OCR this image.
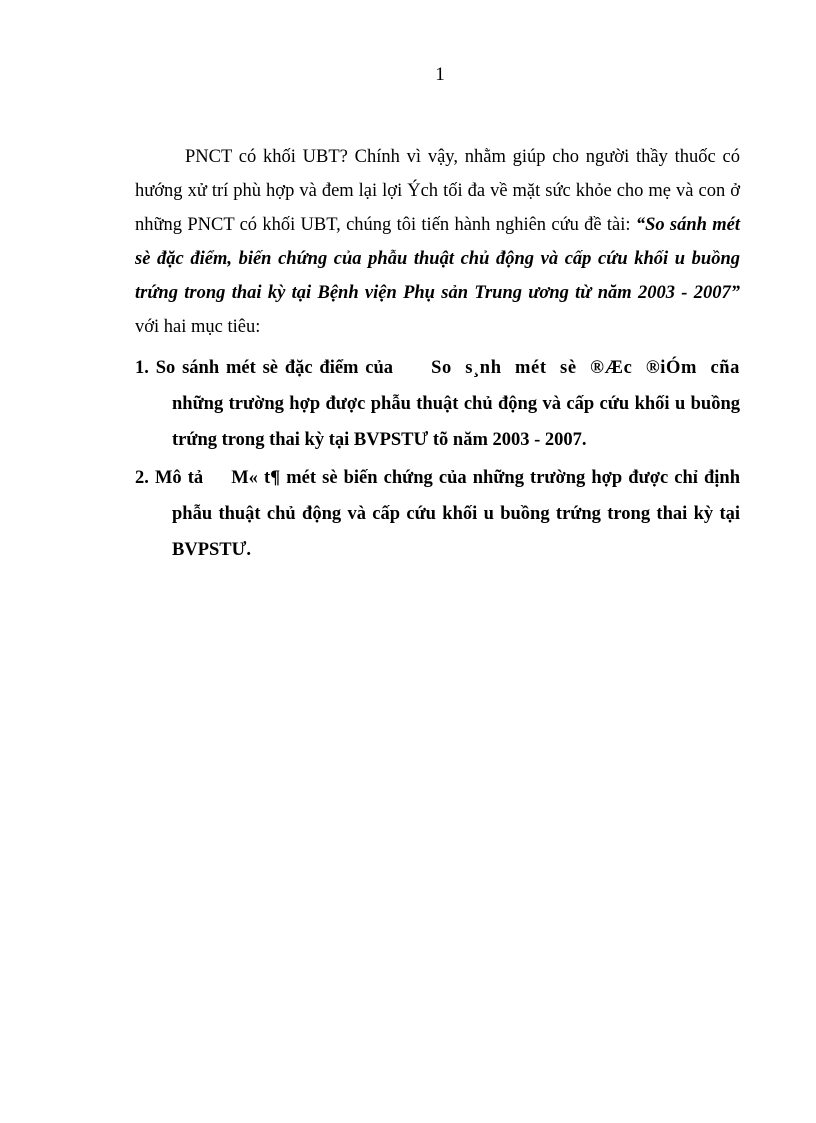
1

PNCT có khối UBT? Chính vì vậy, nhằm giúp cho người thầy thuốc có hướng xử trí phù hợp và đem lại lợi Ých tối đa về mặt sức khỏe cho mẹ và con ở những PNCT có khối UBT, chúng tôi tiến hành nghiên cứu đề tài: “So sánh mét sè đặc điểm, biến chứng của phẫu thuật chủ động và cấp cứu khối u buồng trứng trong thai kỳ tại Bệnh viện Phụ sản Trung ương từ năm 2003 - 2007” với hai mục tiêu:

1. So sánh mét sè đặc điểm của So s¸nh mét sè ®Æc ®iÓm cña những trường hợp được phẫu thuật chủ động và cấp cứu khối u buồng trứng trong thai kỳ tại BVPSTƯ tõ năm 2003 - 2007.
2. Mô tả M« t¶ mét sè biến chứng của những trường hợp được chỉ định phẫu thuật chủ động và cấp cứu khối u buồng trứng trong thai kỳ tại BVPSTƯ.
